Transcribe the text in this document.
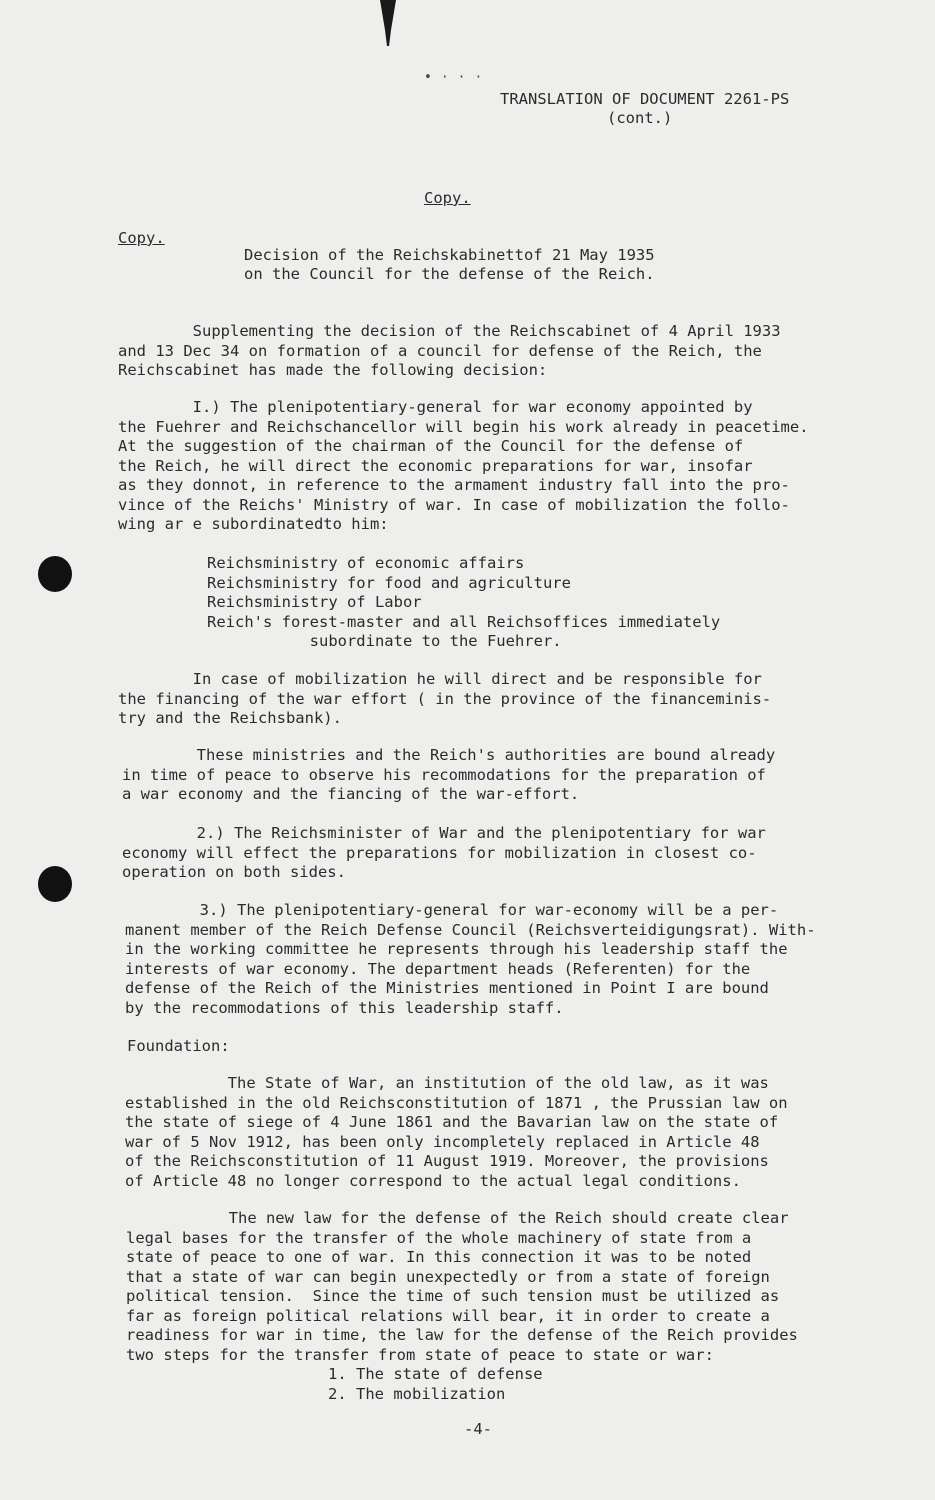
•···
TRANSLATION OF DOCUMENT 2261-PS
(cont.)
Copy.
Copy.
Decision of the Reichskabinettof 21 May 1935
on the Council for the defense of the Reich.
Supplementing the decision of the Reichscabinet of 4 April 1933
and 13 Dec 34 on formation of a council for defense of the Reich, the
Reichscabinet has made the following decision:
I.) The plenipotentiary-general for war economy appointed by
the Fuehrer and Reichschancellor will begin his work already in peacetime.
At the suggestion of the chairman of the Council for the defense of
the Reich, he will direct the economic preparations for war, insofar
as they donnot, in reference to the armament industry fall into the pro-
vince of the Reichs' Ministry of war. In case of mobilization the follo-
wing ar e subordinatedto him:
Reichsministry of economic affairs
Reichsministry for food and agriculture
Reichsministry of Labor
Reich's forest-master and all Reichsoffices immediately
subordinate to the Fuehrer.
In case of mobilization he will direct and be responsible for
the financing of the war effort ( in the province of the financeminis-
try and the Reichsbank).
These ministries and the Reich's authorities are bound already
in time of peace to observe his recommodations for the preparation of
a war economy and the fiancing of the war-effort.
2.) The Reichsminister of War and the plenipotentiary for war
economy will effect the preparations for mobilization in closest co-
operation on both sides.
3.) The plenipotentiary-general for war-economy will be a per-
manent member of the Reich Defense Council (Reichsverteidigungsrat). With-
in the working committee he represents through his leadership staff the
interests of war economy. The department heads (Referenten) for the
defense of the Reich of the Ministries mentioned in Point I are bound
by the recommodations of this leadership staff.
Foundation:
The State of War, an institution of the old law, as it was
established in the old Reichsconstitution of 1871 , the Prussian law on
the state of siege of 4 June 1861 and the Bavarian law on the state of
war of 5 Nov 1912, has been only incompletely replaced in Article 48
of the Reichsconstitution of 11 August 1919. Moreover, the provisions
of Article 48 no longer correspond to the actual legal conditions.
The new law for the defense of the Reich should create clear
legal bases for the transfer of the whole machinery of state from a
state of peace to one of war. In this connection it was to be noted
that a state of war can begin unexpectedly or from a state of foreign
political tension.  Since the time of such tension must be utilized as
far as foreign political relations will bear, it in order to create a
readiness for war in time, the law for the defense of the Reich provides
two steps for the transfer from state of peace to state or war:
1. The state of defense
2. The mobilization
-4-
